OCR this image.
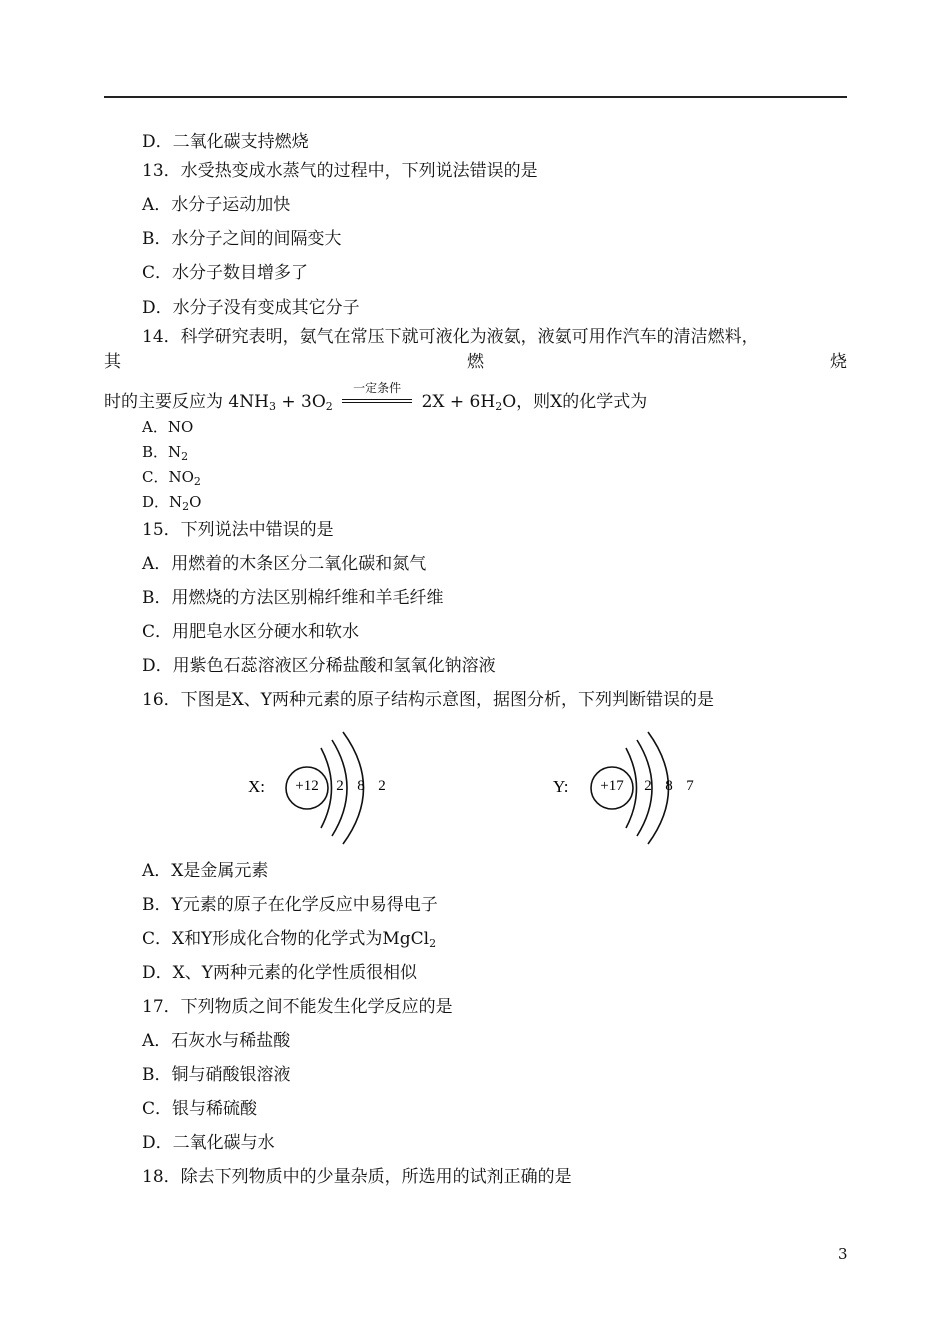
D．二氧化碳支持燃烧
13．水受热变成水蒸气的过程中，下列说法错误的是
A．水分子运动加快
B．水分子之间的间隔变大
C．水分子数目增多了
D．水分子没有变成其它分子
14．科学研究表明，氨气在常压下就可液化为液氨，液氨可用作汽车的清洁燃料，
其	燃	烧
时的主要反应为 $4NH_3 + 3O_2$
一定条件
$2X + 6H_2O$，则X的化学式为
A．NO
B．$N_2$
C．$NO_2$
D．$N_2O$
15．下列说法中错误的是
A．用燃着的木条区分二氧化碳和氮气
B．用燃烧的方法区别棉纤维和羊毛纤维
C．用肥皂水区分硬水和软水
D．用紫色石蕊溶液区分稀盐酸和氢氧化钠溶液
16．下图是X、Y两种元素的原子结构示意图，据图分析，下列判断错误的是
X: +12 2 8 2	Y: +17 2 8 7
A．X是金属元素
B．Y元素的原子在化学反应中易得电子
C．X和Y形成化合物的化学式为MgCl$_2$
D．X、Y两种元素的化学性质很相似
17．下列物质之间不能发生化学反应的是
A．石灰水与稀盐酸
B．铜与硝酸银溶液
C．银与稀硫酸
D．二氧化碳与水
18．除去下列物质中的少量杂质，所选用的试剂正确的是
3
